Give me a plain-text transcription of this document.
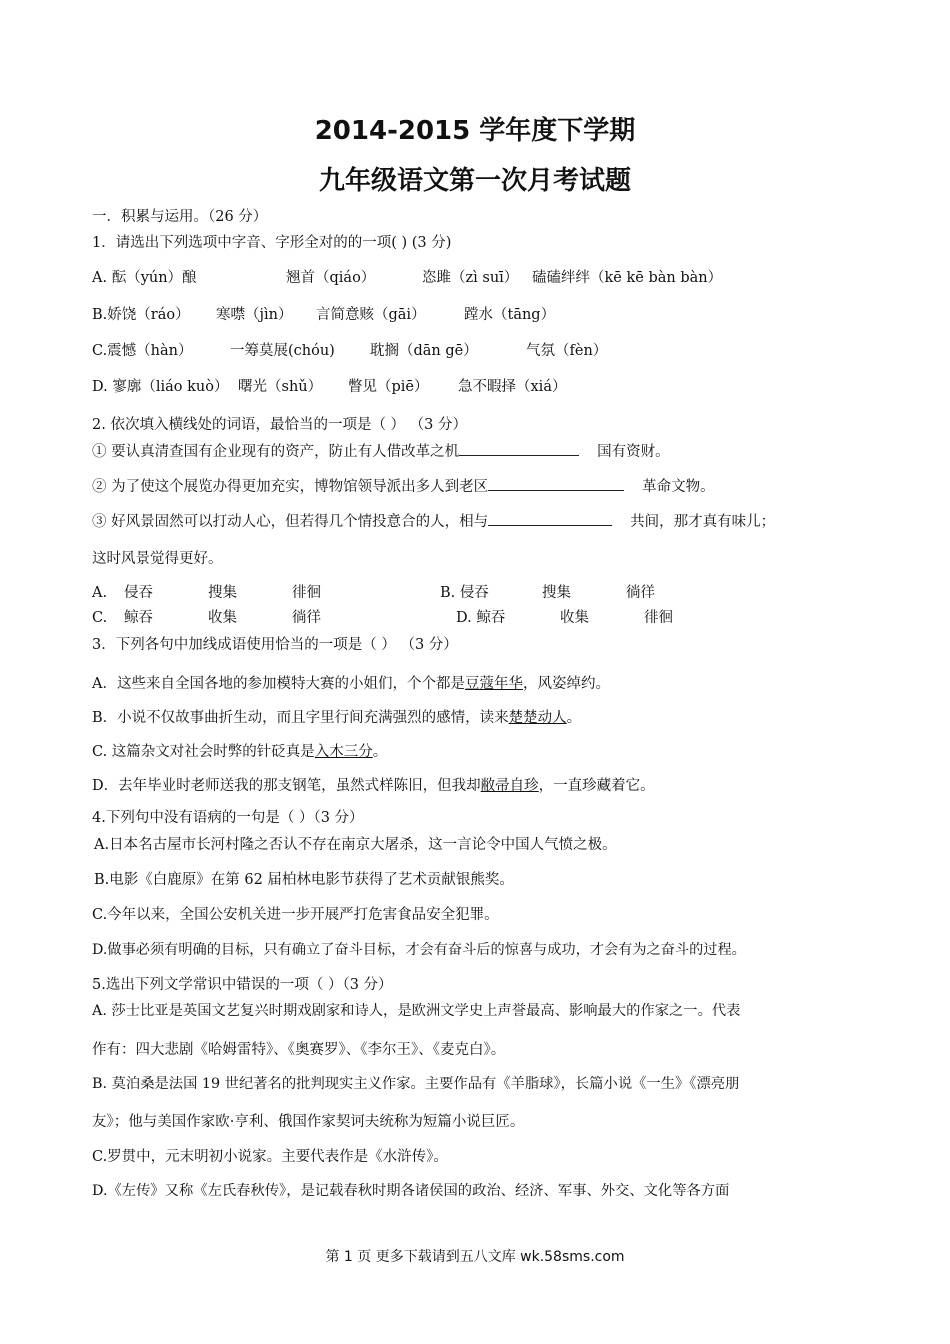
2014-2015 学年度下学期
九年级语文第一次月考试题
一．积累与运用。（26 分）
1．请选出下列选项中字音、字形全对的的一项( ) (3 分)
A. 酝（yún）酿	翘首（qiáo）	恣雎（zì suī） 磕磕绊绊（kē kē bàn bàn）
B.娇饶（ráo） 寒噤（jìn） 言简意赅（gāi）	蹚水（tāng）
C.震憾（hàn）	一筹莫展(chóu) 耽搁（dān gē）	气氛（fèn）
D. 寥廓（liáo kuò） 曙光（shǔ） 瞥见（piē） 急不暇择（xiá）
2. 依次填入横线处的词语，最恰当的一项是（ ） （3 分）
① 要认真清查国有企业现有的资产，防止有人借改革之机	国有资财。
② 为了使这个展览办得更加充实，博物馆领导派出多人到老区	革命文物。
③ 好风景固然可以打动人心，但若得几个情投意合的人，相与	共间，那才真有味儿；
这时风景觉得更好。
A. 侵吞	搜集	徘徊	B. 侵吞	搜集	徜徉
C. 鲸吞	收集	徜徉	D. 鲸吞	收集	徘徊
3．下列各句中加线成语使用恰当的一项是（ ） （3 分）
A．这些来自全国各地的参加模特大赛的小姐们，个个都是豆蔻年华，风姿绰约。
B．小说不仅故事曲折生动，而且字里行间充满强烈的感情，读来楚楚动人。
C. 这篇杂文对社会时弊的针砭真是入木三分。
D．去年毕业时老师送我的那支钢笔，虽然式样陈旧，但我却敝帚自珍，一直珍藏着它。
4.下列句中没有语病的一句是（ ）（3 分）
A.日本名古屋市长河村隆之否认不存在南京大屠杀，这一言论令中国人气愤之极。
B.电影《白鹿原》在第 62 届柏林电影节获得了艺术贡献银熊奖。
C.今年以来，全国公安机关进一步开展严打危害食品安全犯罪。
D.做事必须有明确的目标，只有确立了奋斗目标，才会有奋斗后的惊喜与成功，才会有为之奋斗的过程。
5.选出下列文学常识中错误的一项（ ）（3 分）
A. 莎士比亚是英国文艺复兴时期戏剧家和诗人，是欧洲文学史上声誉最高、影响最大的作家之一。代表
作有：四大悲剧《哈姆雷特》、《奥赛罗》、《李尔王》、《麦克白》。
B. 莫泊桑是法国 19 世纪著名的批判现实主义作家。主要作品有《羊脂球》，长篇小说《一生》《漂亮朋
友》；他与美国作家欧·亨利、俄国作家契诃夫统称为短篇小说巨匠。
C.罗贯中，元末明初小说家。主要代表作是《水浒传》。
D.《左传》又称《左氏春秋传》，是记载春秋时期各诸侯国的政治、经济、军事、外交、文化等各方面
第 1 页 更多下载请到五八文库 wk.58sms.com
